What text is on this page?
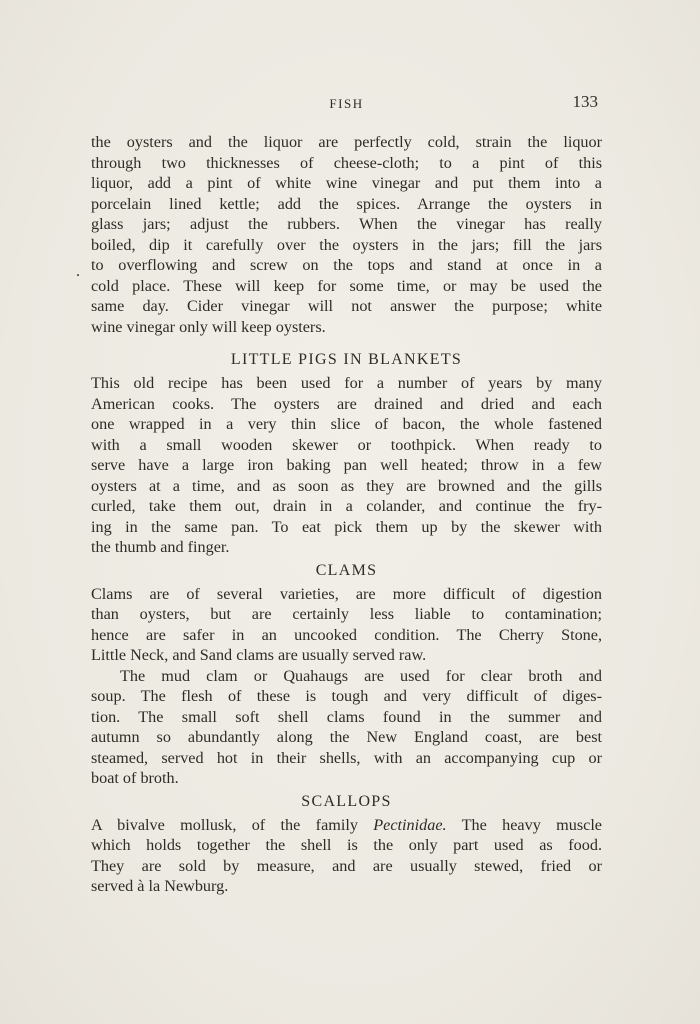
FISH	133
.
the oysters and the liquor are perfectly cold, strain the liquor
through two thicknesses of cheese-cloth; to a pint of this
liquor, add a pint of white wine vinegar and put them into a
porcelain lined kettle; add the spices. Arrange the oysters in
glass jars; adjust the rubbers. When the vinegar has really
boiled, dip it carefully over the oysters in the jars; fill the jars
to overflowing and screw on the tops and stand at once in a
cold place. These will keep for some time, or may be used the
same day. Cider vinegar will not answer the purpose; white
wine vinegar only will keep oysters.
LITTLE PIGS IN BLANKETS
This old recipe has been used for a number of years by many
American cooks. The oysters are drained and dried and each
one wrapped in a very thin slice of bacon, the whole fastened
with a small wooden skewer or toothpick. When ready to
serve have a large iron baking pan well heated; throw in a few
oysters at a time, and as soon as they are browned and the gills
curled, take them out, drain in a colander, and continue the fry-
ing in the same pan. To eat pick them up by the skewer with
the thumb and finger.
CLAMS
Clams are of several varieties, are more difficult of digestion
than oysters, but are certainly less liable to contamination;
hence are safer in an uncooked condition. The Cherry Stone,
Little Neck, and Sand clams are usually served raw.
The mud clam or Quahaugs are used for clear broth and
soup. The flesh of these is tough and very difficult of diges-
tion. The small soft shell clams found in the summer and
autumn so abundantly along the New England coast, are best
steamed, served hot in their shells, with an accompanying cup or
boat of broth.
SCALLOPS
A bivalve mollusk, of the family Pectinidae. The heavy muscle
which holds together the shell is the only part used as food.
They are sold by measure, and are usually stewed, fried or
served à la Newburg.
